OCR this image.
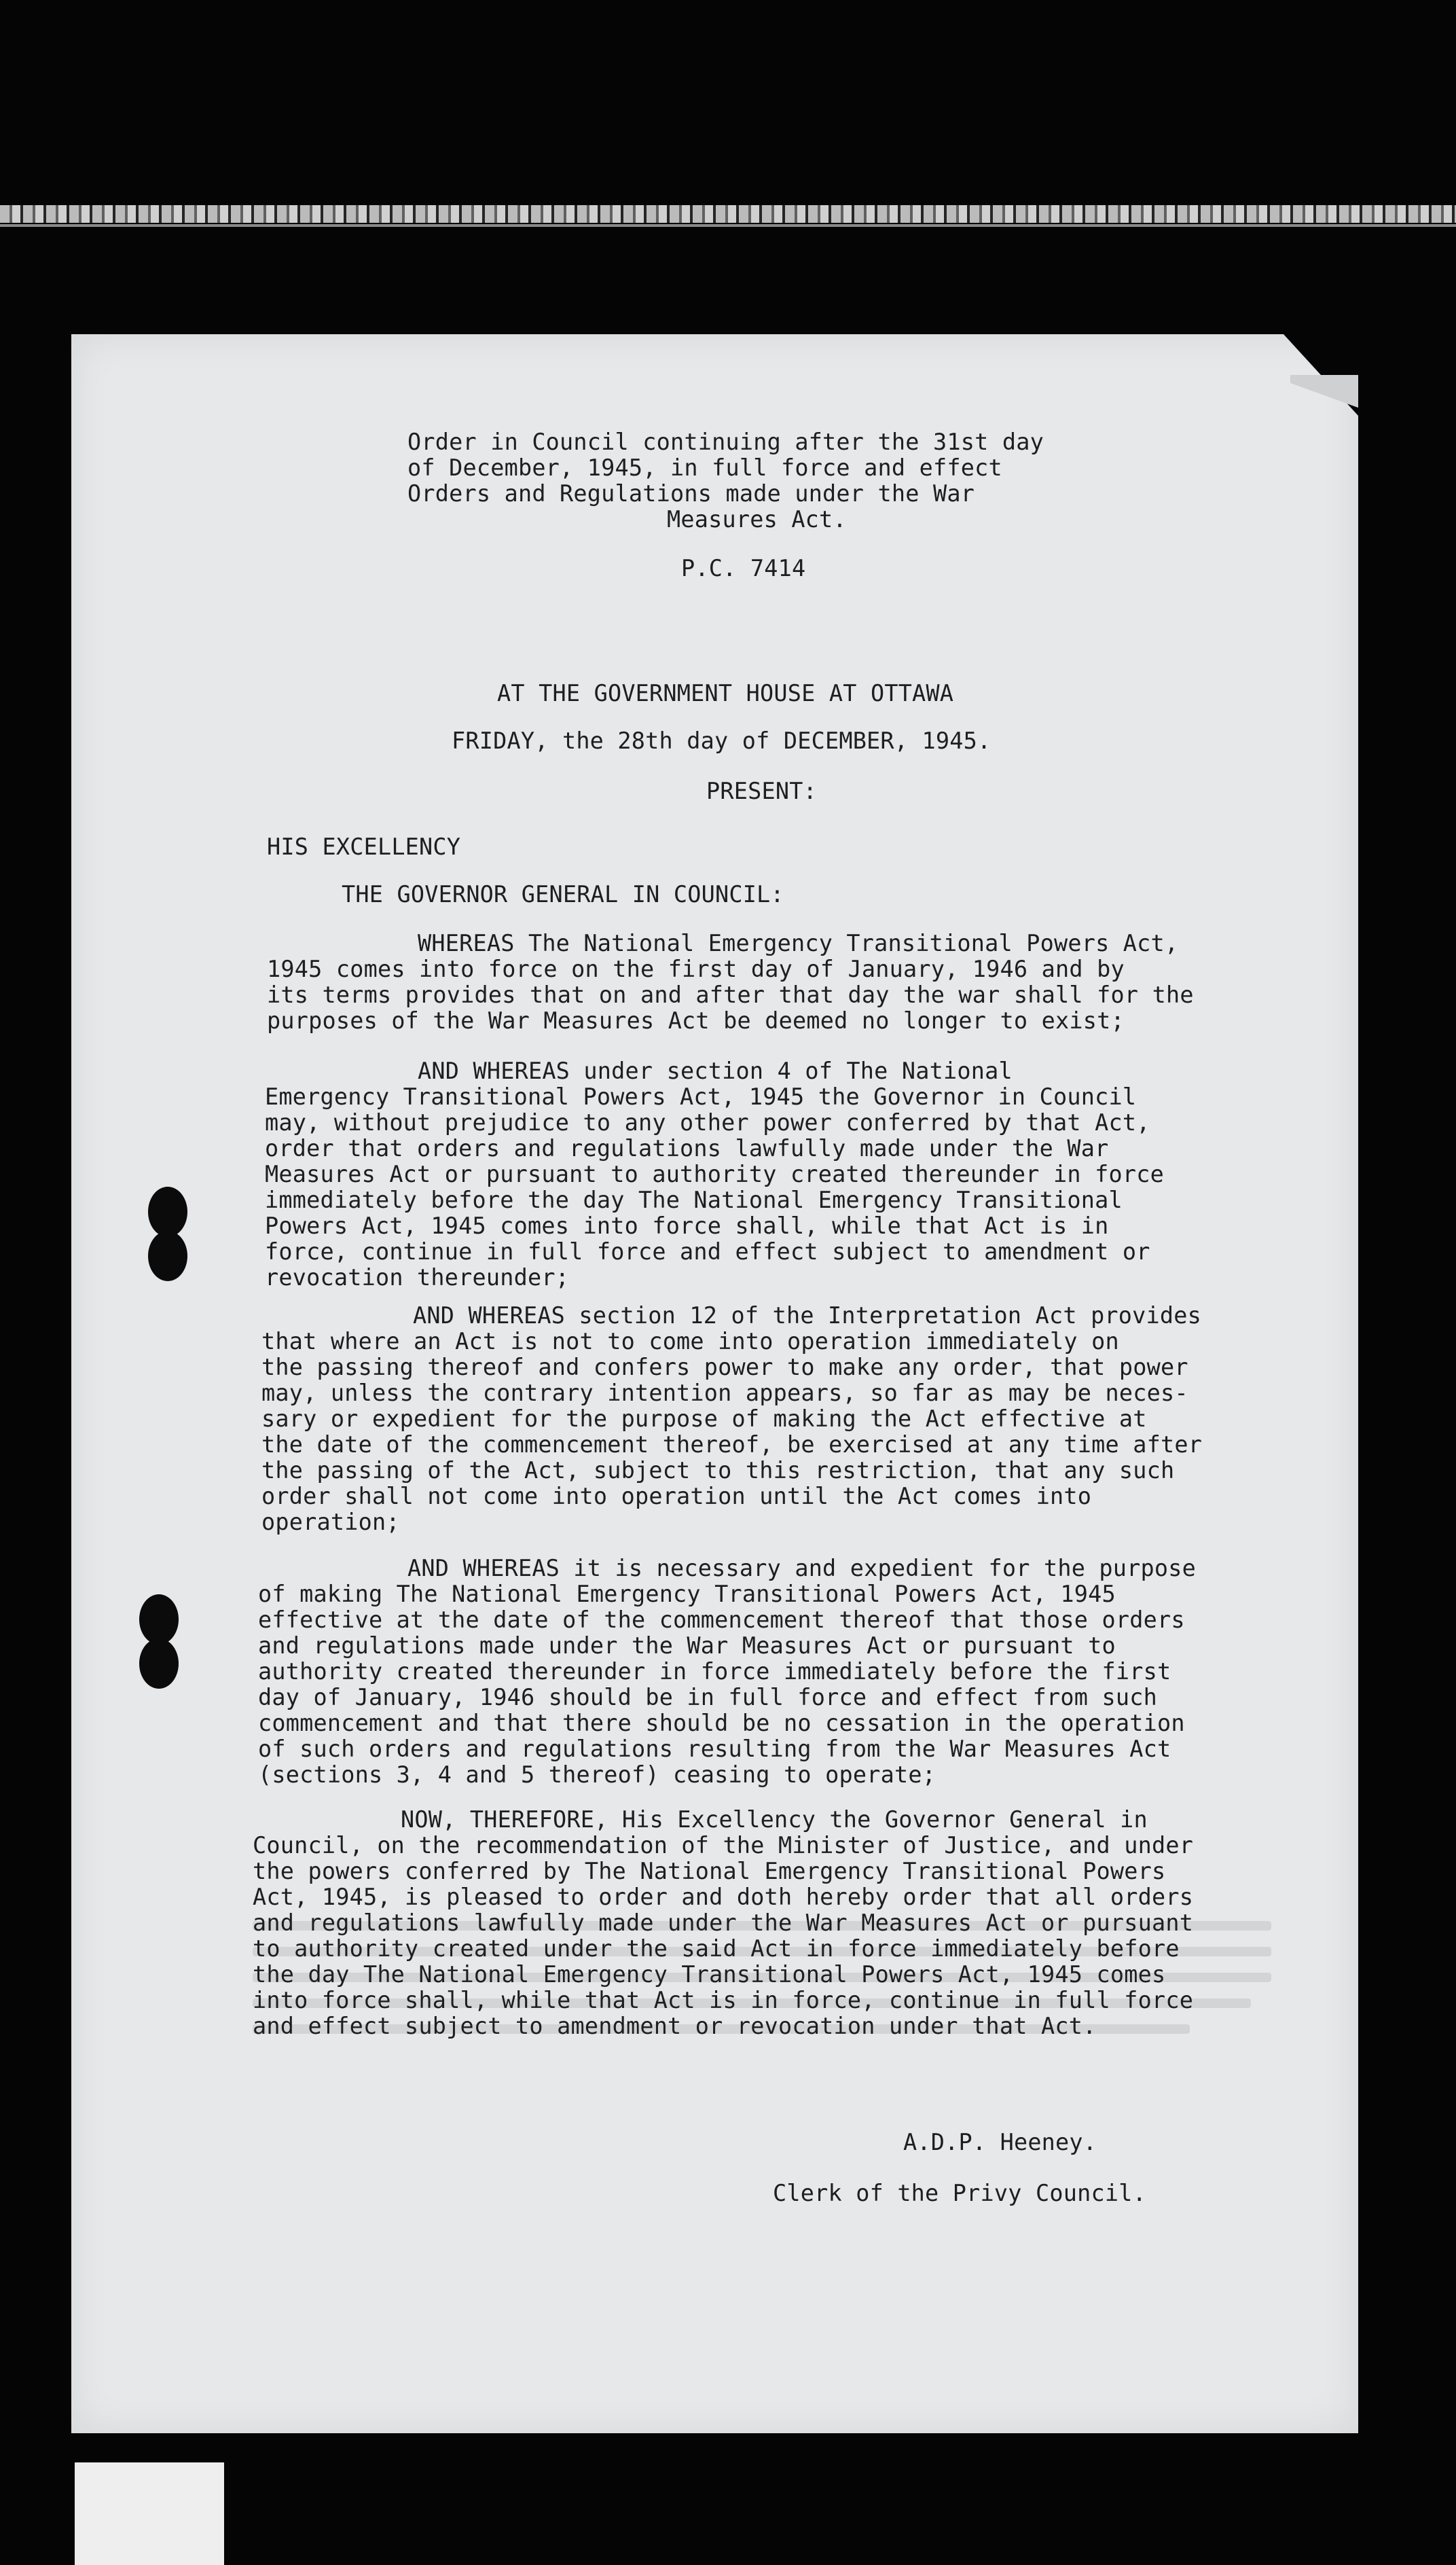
Order in Council continuing after the 31st day
of December, 1945, in full force and effect
Orders and Regulations made under the War
Measures Act.
P.C. 7414
AT THE GOVERNMENT HOUSE AT OTTAWA
FRIDAY, the 28th day of DECEMBER, 1945.
PRESENT:
HIS EXCELLENCY
THE GOVERNOR GENERAL IN COUNCIL:
WHEREAS The National Emergency Transitional Powers Act,
1945 comes into force on the first day of January, 1946 and by
its terms provides that on and after that day the war shall for the
purposes of the War Measures Act be deemed no longer to exist;
AND WHEREAS under section 4 of The National
Emergency Transitional Powers Act, 1945 the Governor in Council
may, without prejudice to any other power conferred by that Act,
order that orders and regulations lawfully made under the War
Measures Act or pursuant to authority created thereunder in force
immediately before the day The National Emergency Transitional
Powers Act, 1945 comes into force shall, while that Act is in
force, continue in full force and effect subject to amendment or
revocation thereunder;
AND WHEREAS section 12 of the Interpretation Act provides
that where an Act is not to come into operation immediately on
the passing thereof and confers power to make any order, that power
may, unless the contrary intention appears, so far as may be neces-
sary or expedient for the purpose of making the Act effective at
the date of the commencement thereof, be exercised at any time after
the passing of the Act, subject to this restriction, that any such
order shall not come into operation until the Act comes into
operation;
AND WHEREAS it is necessary and expedient for the purpose
of making The National Emergency Transitional Powers Act, 1945
effective at the date of the commencement thereof that those orders
and regulations made under the War Measures Act or pursuant to
authority created thereunder in force immediately before the first
day of January, 1946 should be in full force and effect from such
commencement and that there should be no cessation in the operation
of such orders and regulations resulting from the War Measures Act
(sections 3, 4 and 5 thereof) ceasing to operate;
NOW, THEREFORE, His Excellency the Governor General in
Council, on the recommendation of the Minister of Justice, and under
the powers conferred by The National Emergency Transitional Powers
Act, 1945, is pleased to order and doth hereby order that all orders
and regulations lawfully made under the War Measures Act or pursuant
to authority created under the said Act in force immediately before
the day The National Emergency Transitional Powers Act, 1945 comes
into force shall, while that Act is in force, continue in full force
and effect subject to amendment or revocation under that Act.
A.D.P. Heeney.
Clerk of the Privy Council.
